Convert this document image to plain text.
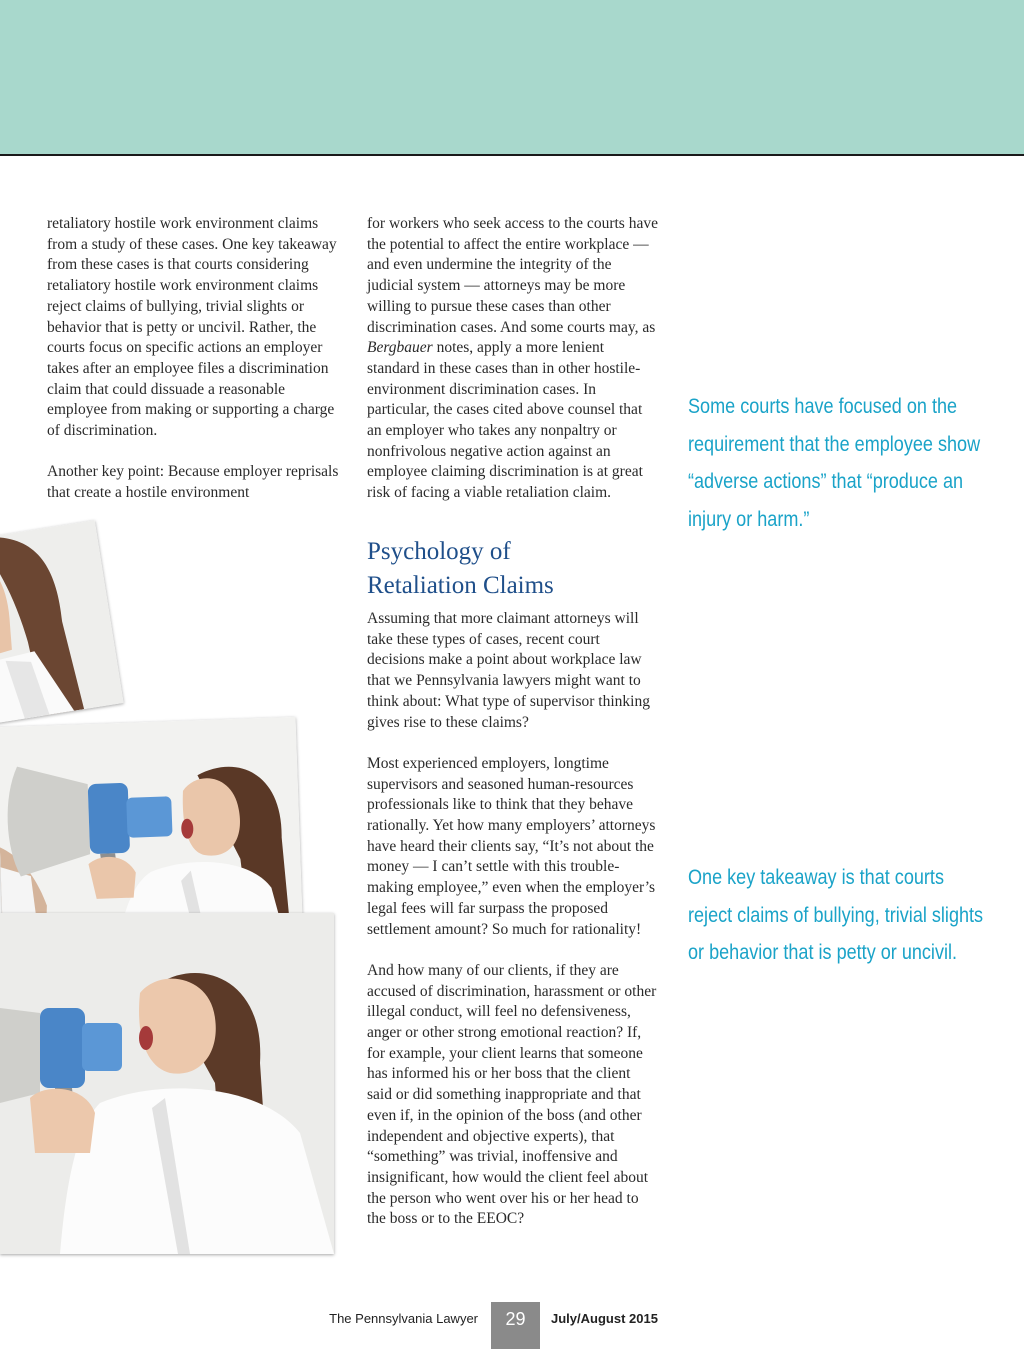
retaliatory hostile work environment claims from a study of these cases. One key takeaway from these cases is that courts considering retaliatory hostile work environment claims reject claims of bullying, trivial slights or behavior that is petty or uncivil. Rather, the courts focus on specific actions an employer takes after an employee files a discrimination claim that could dissuade a reasonable employee from making or supporting a charge of discrimination.

Another key point: Because employer reprisals that create a hostile environment

for workers who seek access to the courts have the potential to affect the entire workplace — and even undermine the integrity of the judicial system — attorneys may be more willing to pursue these cases than other discrimination cases. And some courts may, as Bergbauer notes, apply a more lenient standard in these cases than in other hostile-environment discrimination cases. In particular, the cases cited above counsel that an employer who takes any nonpaltry or nonfrivolous negative action against an employee claiming discrimination is at great risk of facing a viable retaliation claim.

Psychology of
Retaliation Claims

Assuming that more claimant attorneys will take these types of cases, recent court decisions make a point about workplace law that we Pennsylvania lawyers might want to think about: What type of supervisor thinking gives rise to these claims?

Most experienced employers, longtime supervisors and seasoned human-resources professionals like to think that they behave rationally. Yet how many employers’ attorneys have heard their clients say, “It’s not about the money — I can’t settle with this trouble-making employee,” even when the employer’s legal fees will far surpass the proposed settlement amount? So much for rationality!

And how many of our clients, if they are accused of discrimination, harassment or other illegal conduct, will feel no defensiveness, anger or other strong emotional reaction? If, for example, your client learns that someone has informed his or her boss that the client said or did something inappropriate and that even if, in the opinion of the boss (and other independent and objective experts), that “something” was trivial, inoffensive and insignificant, how would the client feel about the person who went over his or her head to the boss or to the EEOC?

Some courts have focused on the requirement that the employee show “adverse actions” that “produce an injury or harm.”
One key takeaway is that courts reject claims of bullying, trivial slights or behavior that is petty or uncivil.
The Pennsylvania Lawyer	29	July/August 2015
